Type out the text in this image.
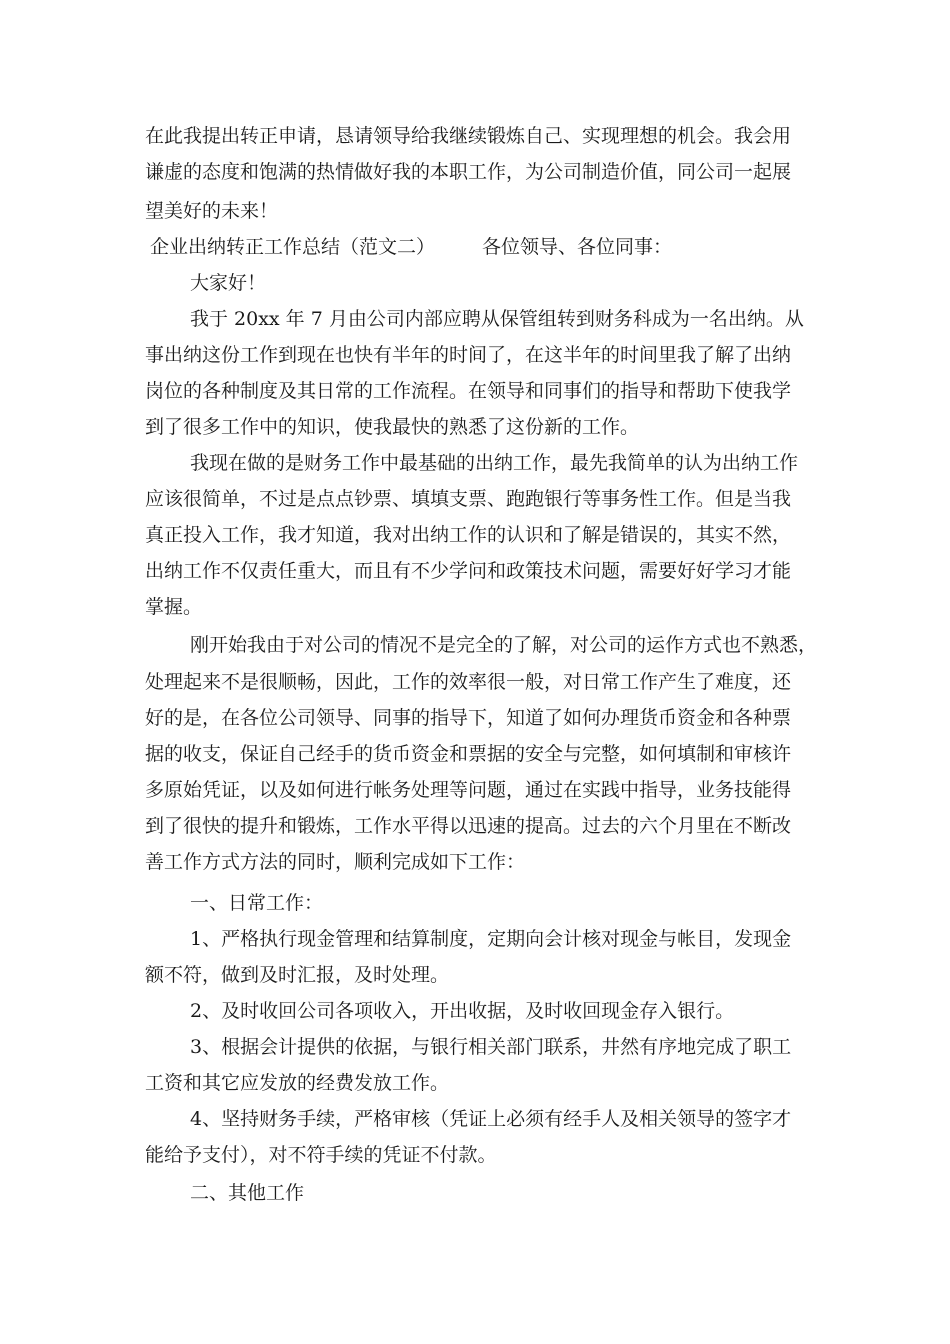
在此我提出转正申请，恳请领导给我继续锻炼自己、实现理想的机会。我会用
谦虚的态度和饱满的热情做好我的本职工作，为公司制造价值，同公司一起展
望美好的未来！
企业出纳转正工作总结（范文二） 各位领导、各位同事：
大家好！
我于 20xx 年 7 月由公司内部应聘从保管组转到财务科成为一名出纳。从
事出纳这份工作到现在也快有半年的时间了，在这半年的时间里我了解了出纳
岗位的各种制度及其日常的工作流程。在领导和同事们的指导和帮助下使我学
到了很多工作中的知识，使我最快的熟悉了这份新的工作。
我现在做的是财务工作中最基础的出纳工作，最先我简单的认为出纳工作
应该很简单，不过是点点钞票、填填支票、跑跑银行等事务性工作。但是当我
真正投入工作，我才知道，我对出纳工作的认识和了解是错误的，其实不然，
出纳工作不仅责任重大，而且有不少学问和政策技术问题，需要好好学习才能
掌握。
刚开始我由于对公司的情况不是完全的了解，对公司的运作方式也不熟悉，
处理起来不是很顺畅，因此，工作的效率很一般，对日常工作产生了难度，还
好的是，在各位公司领导、同事的指导下，知道了如何办理货币资金和各种票
据的收支，保证自己经手的货币资金和票据的安全与完整，如何填制和审核许
多原始凭证，以及如何进行帐务处理等问题，通过在实践中指导，业务技能得
到了很快的提升和锻炼，工作水平得以迅速的提高。过去的六个月里在不断改
善工作方式方法的同时，顺利完成如下工作：
一、日常工作：
1、严格执行现金管理和结算制度，定期向会计核对现金与帐目，发现金
额不符，做到及时汇报，及时处理。
2、及时收回公司各项收入，开出收据，及时收回现金存入银行。
3、根据会计提供的依据，与银行相关部门联系，井然有序地完成了职工
工资和其它应发放的经费发放工作。
4、坚持财务手续，严格审核（凭证上必须有经手人及相关领导的签字才
能给予支付），对不符手续的凭证不付款。
二、其他工作
